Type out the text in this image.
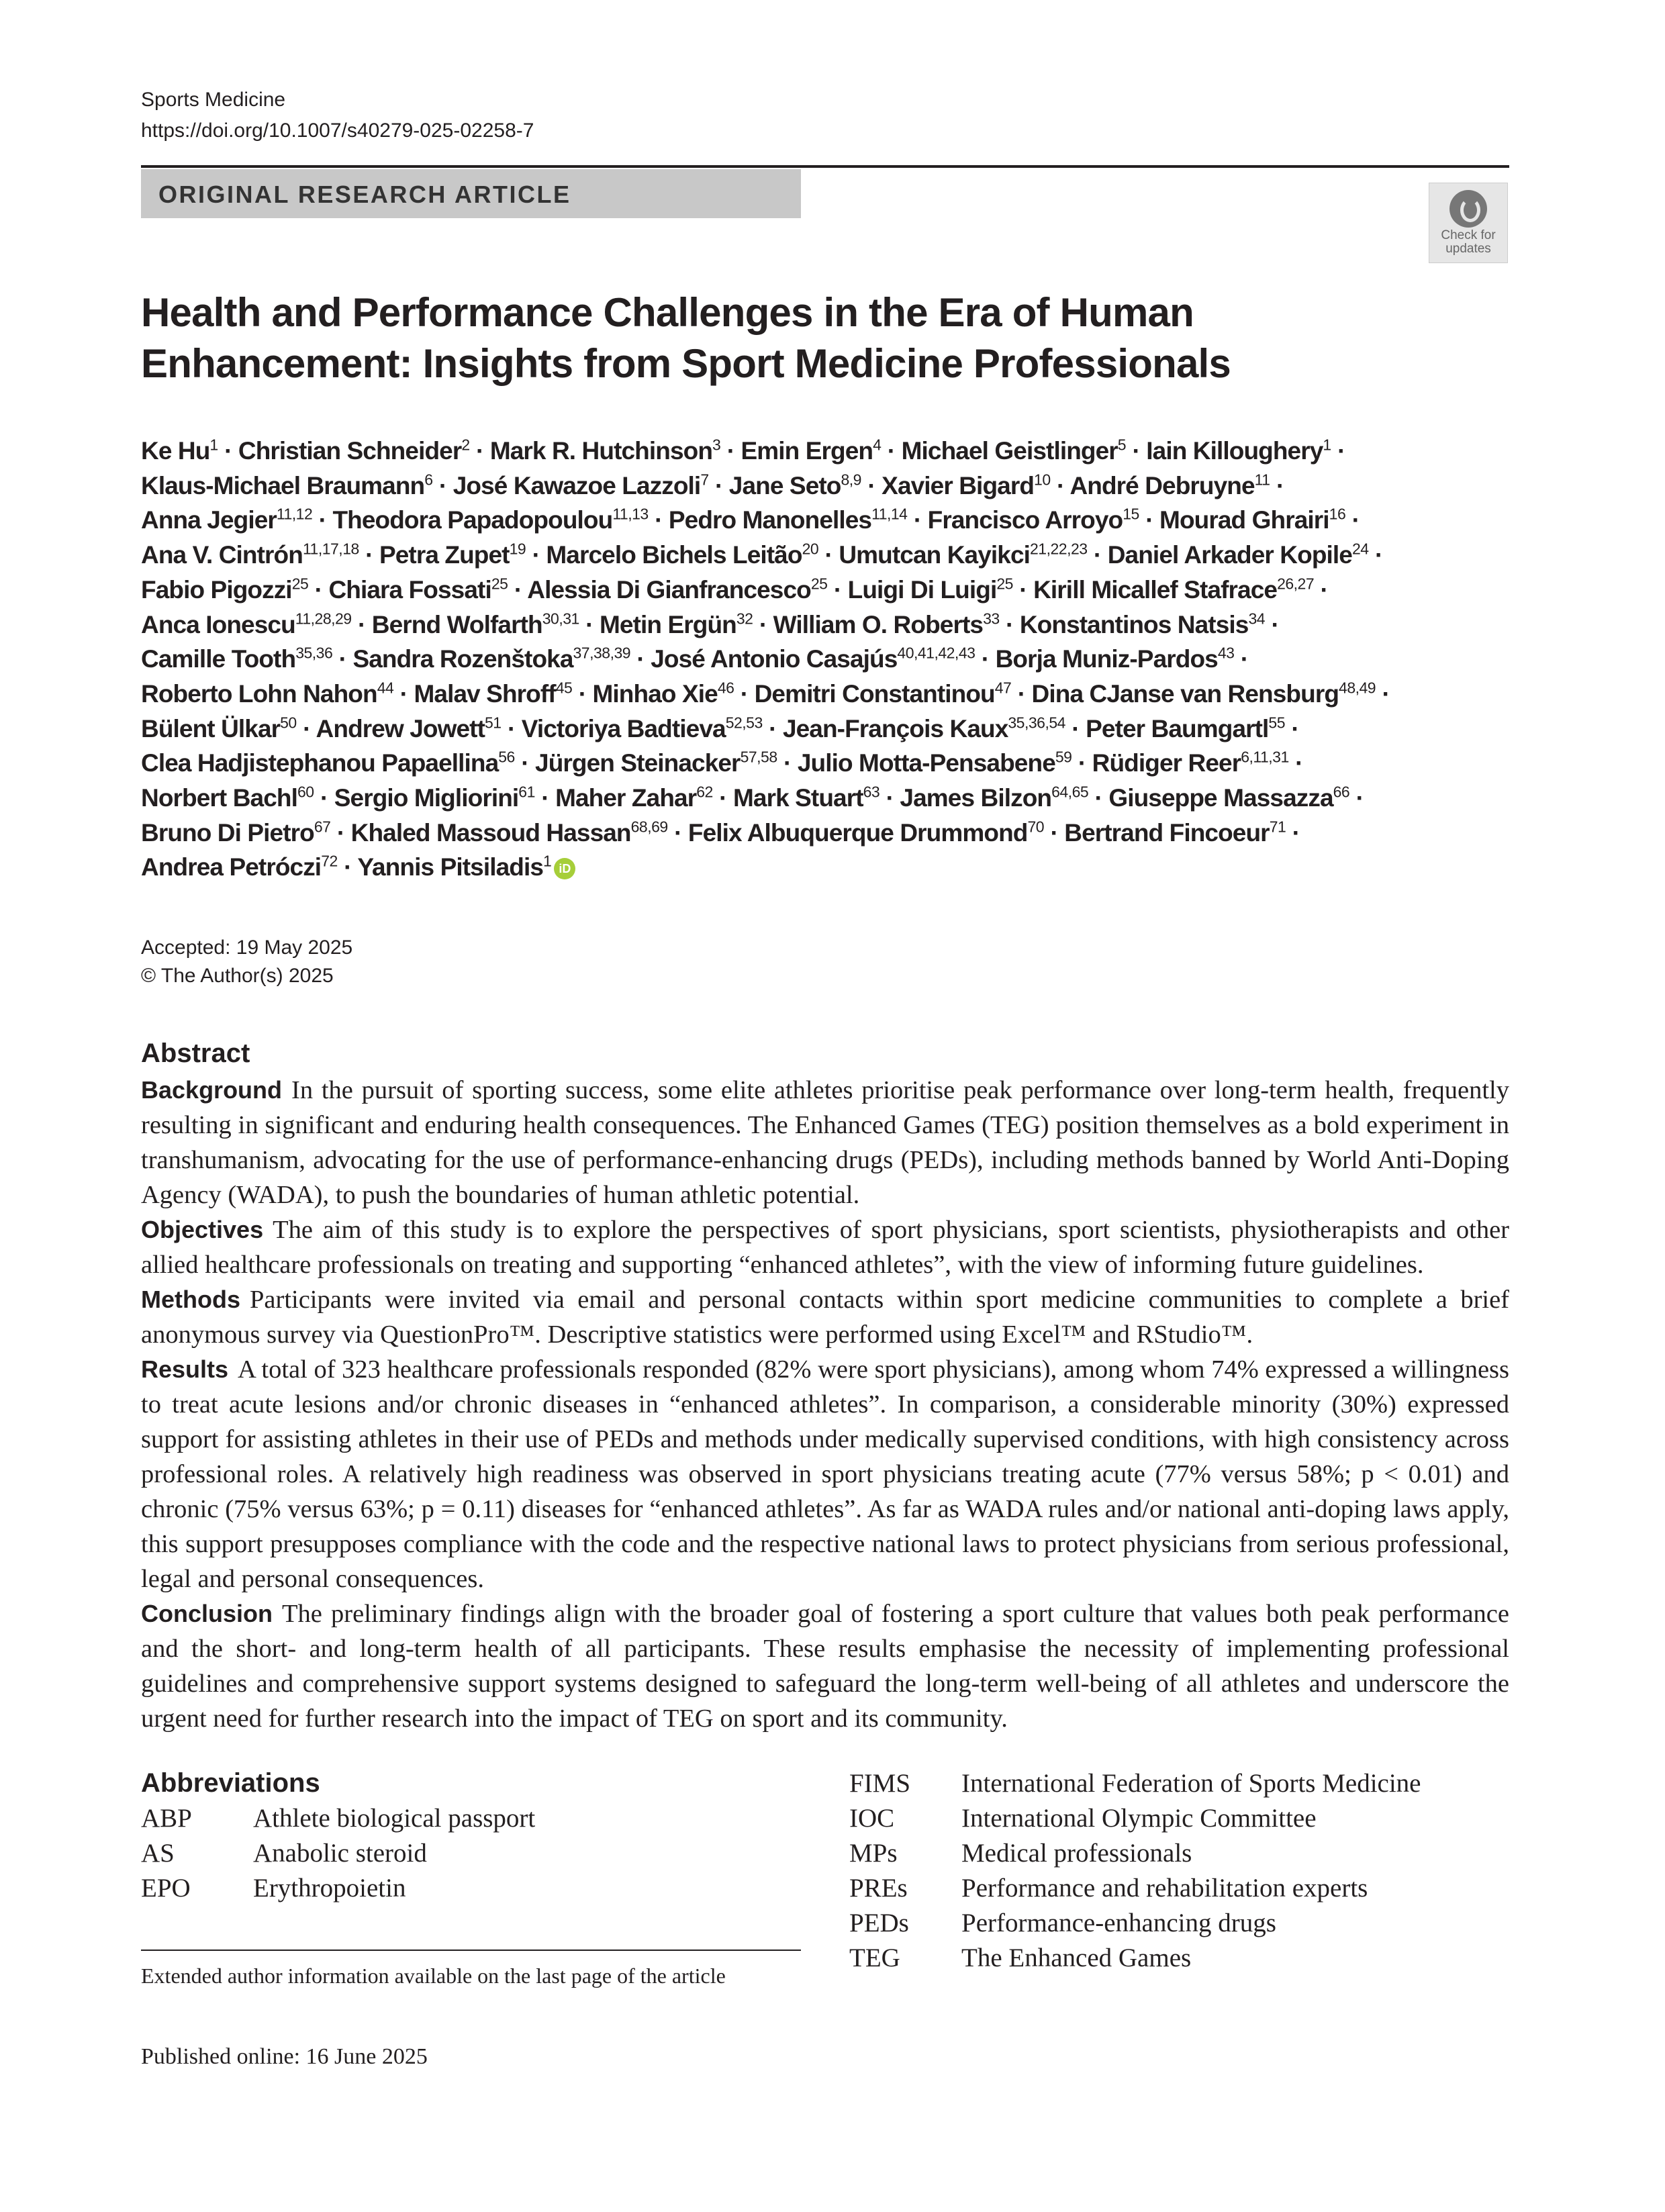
Sports Medicine
https://doi.org/10.1007/s40279-025-02258-7
ORIGINAL RESEARCH ARTICLE
Check for
updates
Health and Performance Challenges in the Era of Human
Enhancement: Insights from Sport Medicine Professionals
Ke $Hu^1$ · Christian Schneider$^2$ · Mark R. Hutchinson$^3$ · Emin Ergen$^4$ · Michael Geistlinger$^5$ · Iain Killoughery$^1$ ·
Klaus-Michael Braumann$^6$ · José Kawazoe Lazzoli$^7$ · Jane Seto$^{8,9}$ · Xavier Bigard$^{10}$ · André Debruyne$^{11}$ ·
Anna Jegier$^{11,12}$ · Theodora Papadopoulou$^{11,13}$ · Pedro Manonelles$^{11,14}$ · Francisco Arroyo$^{15}$ · Mourad Ghrairi$^{16}$ ·
Ana V. Cintrón$^{11,17,18}$ · Petra Zupet$^{19}$ · Marcelo Bichels Leitão$^{20}$ · Umutcan Kayikci$^{21,22,23}$ · Daniel Arkader Kopile$^{24}$ ·
Fabio Pigozzi$^{25}$ · Chiara Fossati$^{25}$ · Alessia Di Gianfrancesco$^{25}$ · Luigi Di Luigi$^{25}$ · Kirill Micallef Stafrace$^{26,27}$ ·
Anca Ionescu$^{11,28,29}$ · Bernd Wolfarth$^{30,31}$ · Metin Ergün$^{32}$ · William O. Roberts$^{33}$ · Konstantinos Natsis$^{34}$ ·
Camille Tooth$^{35,36}$ · Sandra Rozenštoka$^{37,38,39}$ · José Antonio Casajús$^{40,41,42,43}$ · Borja Muniz-Pardos$^{43}$ ·
Roberto Lohn Nahon$^{44}$ · Malav Shroff$^{45}$ · Minhao Xie$^{46}$ · Demitri Constantinou$^{47}$ · Dina CJanse van Rensburg$^{48,49}$ ·
Bülent Ülkar$^{50}$ · Andrew Jowett$^{51}$ · Victoriya Badtieva$^{52,53}$ · Jean-François Kaux$^{35,36,54}$ · Peter Baumgartl$^{55}$ ·
Clea Hadjistephanou Papaellina$^{56}$ · Jürgen Steinacker$^{57,58}$ · Julio Motta-Pensabene$^{59}$ · Rüdiger Reer$^{6,11,31}$ ·
Norbert Bachl$^{60}$ · Sergio Migliorini$^{61}$ · Maher Zahar$^{62}$ · Mark Stuart$^{63}$ · James Bilzon$^{64,65}$ · Giuseppe Massazza$^{66}$ ·
Bruno Di Pietro$^{67}$ · Khaled Massoud Hassan$^{68,69}$ · Felix Albuquerque Drummond$^{70}$ · Bertrand Fincoeur$^{71}$ ·
Andrea Petróczi$^{72}$ · Yannis Pitsiladis$^1$ iD
Accepted: 19 May 2025
© The Author(s) 2025
Abstract

Background In the pursuit of sporting success, some elite athletes prioritise peak performance over long-term health, frequently resulting in significant and enduring health consequences. The Enhanced Games (TEG) position themselves as a bold experiment in transhumanism, advocating for the use of performance-enhancing drugs (PEDs), including methods banned by World Anti-Doping Agency (WADA), to push the boundaries of human athletic potential.

Objectives The aim of this study is to explore the perspectives of sport physicians, sport scientists, physiotherapists and other allied healthcare professionals on treating and supporting “enhanced athletes”, with the view of informing future guidelines.

Methods Participants were invited via email and personal contacts within sport medicine communities to complete a brief anonymous survey via QuestionPro™. Descriptive statistics were performed using Excel™ and RStudio™.

Results A total of 323 healthcare professionals responded (82% were sport physicians), among whom 74% expressed a willingness to treat acute lesions and/or chronic diseases in “enhanced athletes”. In comparison, a considerable minority (30%) expressed support for assisting athletes in their use of PEDs and methods under medically supervised conditions, with high consistency across professional roles. A relatively high readiness was observed in sport physicians treating acute (77% versus 58%; p < 0.01) and chronic (75% versus 63%; p = 0.11) diseases for “enhanced athletes”. As far as WADA rules and/or national anti-doping laws apply, this support presupposes compliance with the code and the respective national laws to protect physicians from serious professional, legal and personal consequences.

Conclusion The preliminary findings align with the broader goal of fostering a sport culture that values both peak performance and the short- and long-term health of all participants. These results emphasise the necessity of implementing professional guidelines and comprehensive support systems designed to safeguard the long-term well-being of all athletes and underscore the urgent need for further research into the impact of TEG on sport and its community.

Abbreviations
ABP Athlete biological passport
AS	Anabolic steroid
EPO Erythropoietin
FIMS International Federation of Sports Medicine
IOC	International Olympic Committee
MPs Medical professionals
PREs Performance and rehabilitation experts
PEDs Performance-enhancing drugs
TEG The Enhanced Games
Extended author information available on the last page of the article
Published online: 16 June 2025
